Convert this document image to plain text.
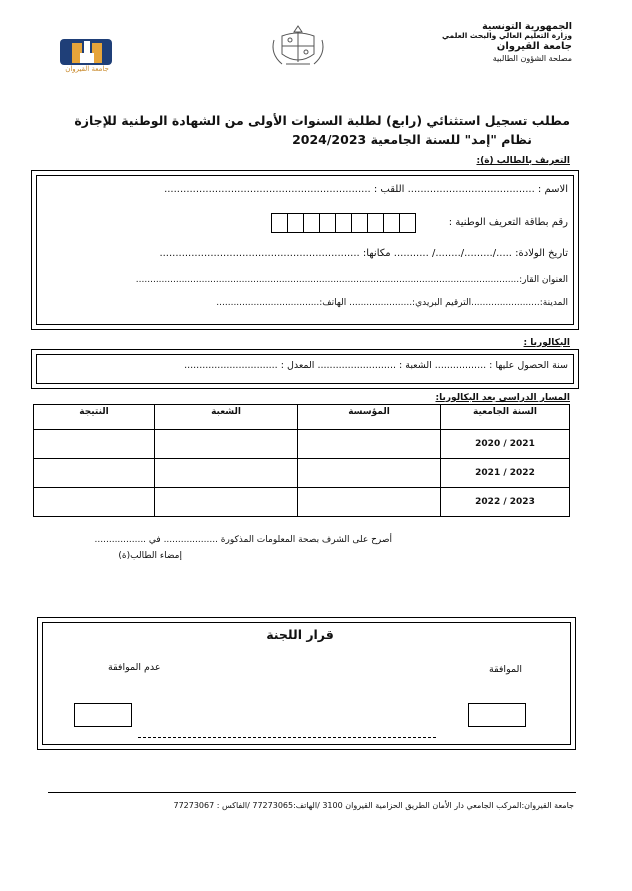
الجمهورية التونسية
وزارة التعليم العالي والبحث العلمي
جامعة القيروان
مصلحة الشؤون الطالبية
جامعة القيروان
مطلب تسجيل استثنائي (رابع) لطلبة السنوات الأولى من الشهادة الوطنية للإجازة
نظام "إمد" للسنة الجامعية 2024/2023
التعريف بالطالب (ة):
الاسم : ........................................ اللقب : .................................................................
رقم بطاقة التعريف الوطنية :
تاريخ الولادة: ...../........./......../ ........... مكانها: ...............................................................
العنوان القار:......................................................................................................................................
المدينة:........................الترقيم البريدي:...................... الهاتف:....................................
البكالوريا :
سنة الحصول عليها : ................. الشعبة : .......................... المعدل : ...............................
المسار الدراسي بعد البكالوريا:
السنة الجامعية	المؤسسة	الشعبة	النتيجة
2021 / 2020			
2022 / 2021			
2023 / 2022			
أصرح على الشرف بصحة المعلومات المذكورة ................... في ..................
إمضاء الطالب(ة)
قرار اللجنة
الموافقة
عدم الموافقة
جامعة القيروان:المركب الجامعي دار الأمان الطريق الحزامية القيروان 3100 /الهاتف:77273065 /الفاكس : 77273067
